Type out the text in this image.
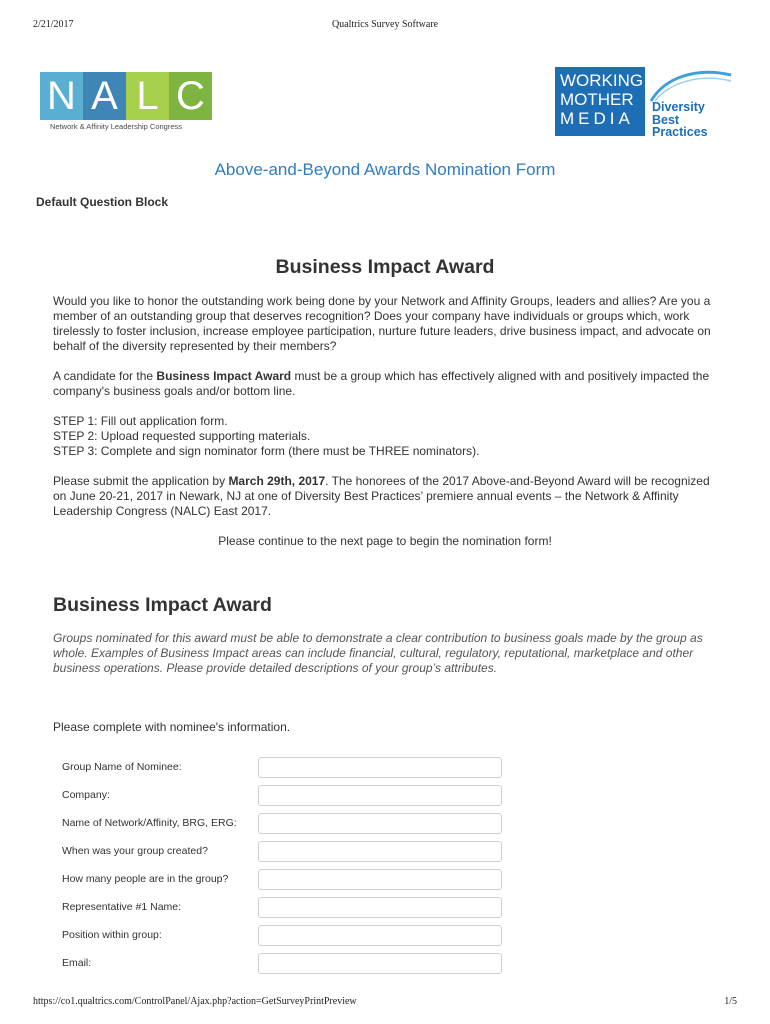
2/21/2017	Qualtrics Survey Software
N A L C
Network & Affinity Leadership Congress
WORKING
MOTHER
MEDIA
Diversity
Best
Practices
Above-and-Beyond Awards Nomination Form
Default Question Block
Business Impact Award
Would you like to honor the outstanding work being done by your Network and Affinity Groups, leaders and allies? Are you a member of an outstanding group that deserves recognition? Does your company have individuals or groups which, work tirelessly to foster inclusion, increase employee participation, nurture future leaders, drive business impact, and advocate on behalf of the diversity represented by their members?
A candidate for the Business Impact Award must be a group which has effectively aligned with and positively impacted the company's business goals and/or bottom line.
STEP 1: Fill out application form.
STEP 2: Upload requested supporting materials.
STEP 3: Complete and sign nominator form (there must be THREE nominators).
Please submit the application by March 29th, 2017. The honorees of the 2017 Above-and-Beyond Award will be recognized on June 20-21, 2017 in Newark, NJ at one of Diversity Best Practices’ premiere annual events – the Network & Affinity Leadership Congress (NALC) East 2017.
Please continue to the next page to begin the nomination form!
Business Impact Award
Groups nominated for this award must be able to demonstrate a clear contribution to business goals made by the group as whole. Examples of Business Impact areas can include financial, cultural, regulatory, reputational, marketplace and other business operations. Please provide detailed descriptions of your group’s attributes.
Please complete with nominee's information.
Group Name of Nominee:
Company:
Name of Network/Affinity, BRG, ERG:
When was your group created?
How many people are in the group?
Representative #1 Name:
Position within group:
Email:
https://co1.qualtrics.com/ControlPanel/Ajax.php?action=GetSurveyPrintPreview	1/5
